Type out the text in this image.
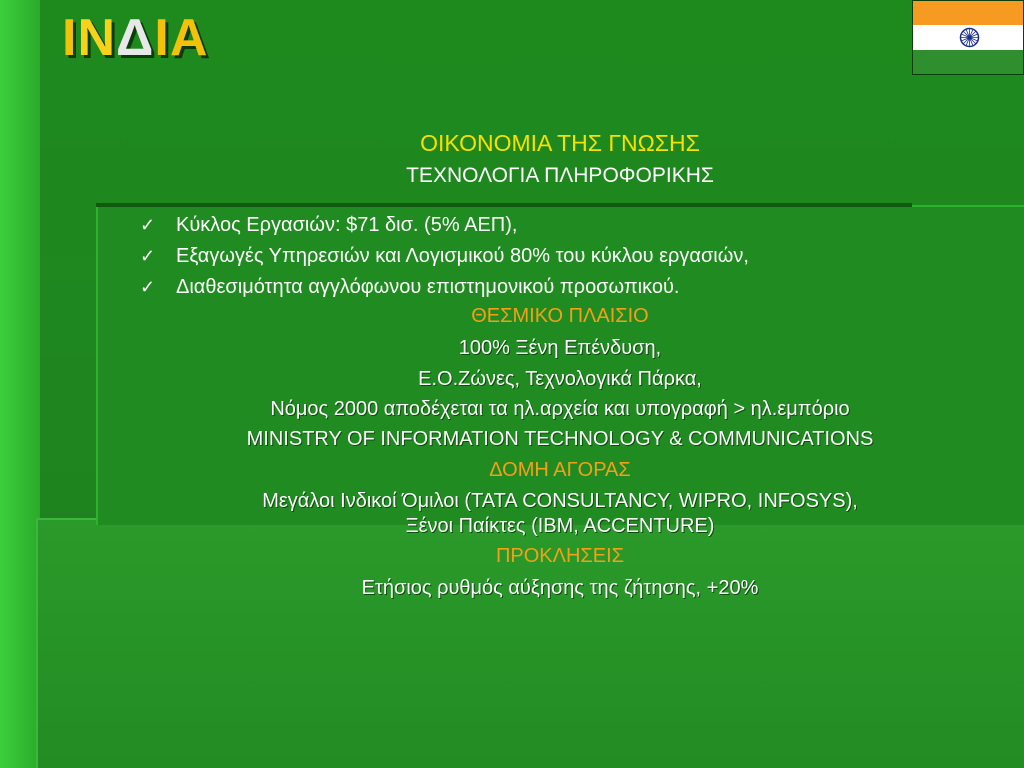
INΔIA
ΟΙΚΟΝΟΜΙΑ ΤΗΣ ΓΝΩΣΗΣ
ΤΕΧΝΟΛΟΓΙΑ ΠΛΗΡΟΦΟΡΙΚΗΣ
✓	Κύκλος Εργασιών: $71 δισ. (5% ΑΕΠ),
✓	Εξαγωγές Υπηρεσιών και Λογισμικού 80% του κύκλου εργασιών,
✓	Διαθεσιμότητα αγγλόφωνου επιστημονικού προσωπικού.
ΘΕΣΜΙΚΟ ΠΛΑΙΣΙΟ
100% Ξένη Επένδυση,
Ε.Ο.Ζώνες, Τεχνολογικά Πάρκα,
Νόμος 2000 αποδέχεται τα ηλ.αρχεία και υπογραφή > ηλ.εμπόριο
MINISTRY OF INFORMATION TECHNOLOGY & COMMUNICATIONS
ΔΟΜΗ ΑΓΟΡΑΣ
Μεγάλοι Ινδικοί Όμιλοι (TATA CONSULTANCY, WIPRO, INFOSYS),
Ξένοι Παίκτες (IBM, ACCENTURE)
ΠΡΟΚΛΗΣΕΙΣ
Ετήσιος ρυθμός αύξησης της ζήτησης, +20%
